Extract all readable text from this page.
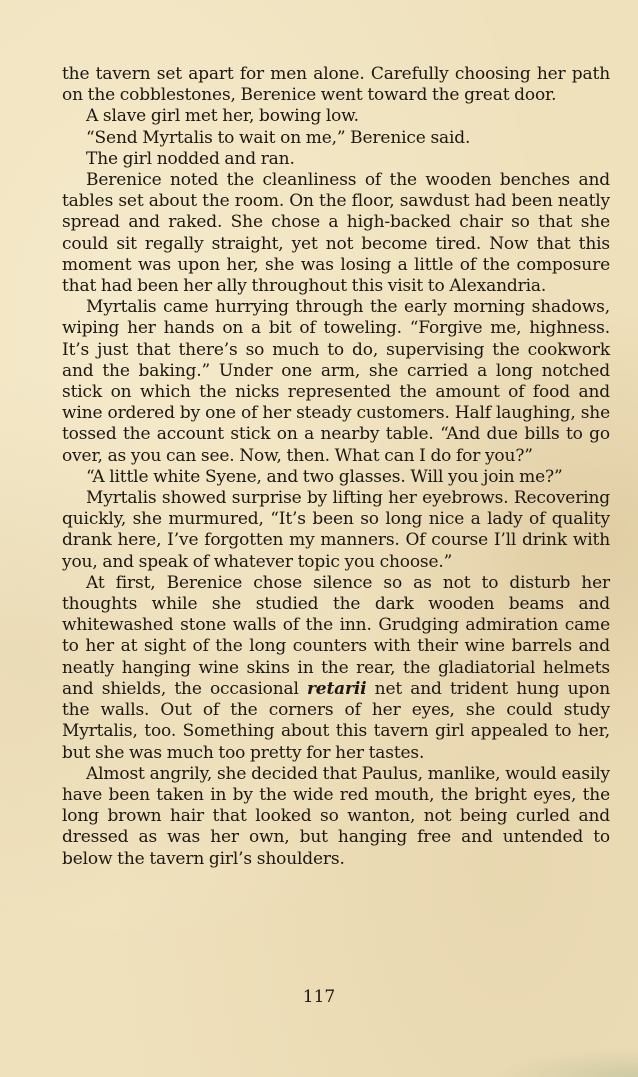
the tavern set apart for men alone. Carefully choosing her path on the cobblestones, Berenice went toward the great door.

A slave girl met her, bowing low.

“Send Myrtalis to wait on me,” Berenice said.

The girl nodded and ran.

Berenice noted the cleanliness of the wooden benches and tables set about the room. On the floor, sawdust had been neatly spread and raked. She chose a high-backed chair so that she could sit regally straight, yet not become tired. Now that this moment was upon her, she was losing a little of the composure that had been her ally throughout this visit to Alexandria.

Myrtalis came hurrying through the early morning shadows, wiping her hands on a bit of toweling. “Forgive me, highness. It’s just that there’s so much to do, supervising the cookwork and the baking.” Under one arm, she carried a long notched stick on which the nicks represented the amount of food and wine ordered by one of her steady customers. Half laughing, she tossed the account stick on a nearby table. “And due bills to go over, as you can see. Now, then. What can I do for you?”

“A little white Syene, and two glasses. Will you join me?”

Myrtalis showed surprise by lifting her eyebrows. Recovering quickly, she murmured, “It’s been so long nice a lady of quality drank here, I’ve forgotten my manners. Of course I’ll drink with you, and speak of whatever topic you choose.”

At first, Berenice chose silence so as not to disturb her thoughts while she studied the dark wooden beams and whitewashed stone walls of the inn. Grudging admiration came to her at sight of the long counters with their wine barrels and neatly hanging wine skins in the rear, the gladiatorial helmets and shields, the occasional retarii net and trident hung upon the walls. Out of the corners of her eyes, she could study Myrtalis, too. Something about this tavern girl appealed to her, but she was much too pretty for her tastes.

Almost angrily, she decided that Paulus, manlike, would easily have been taken in by the wide red mouth, the bright eyes, the long brown hair that looked so wanton, not being curled and dressed as was her own, but hanging free and untended to below the tavern girl’s shoulders.

117
